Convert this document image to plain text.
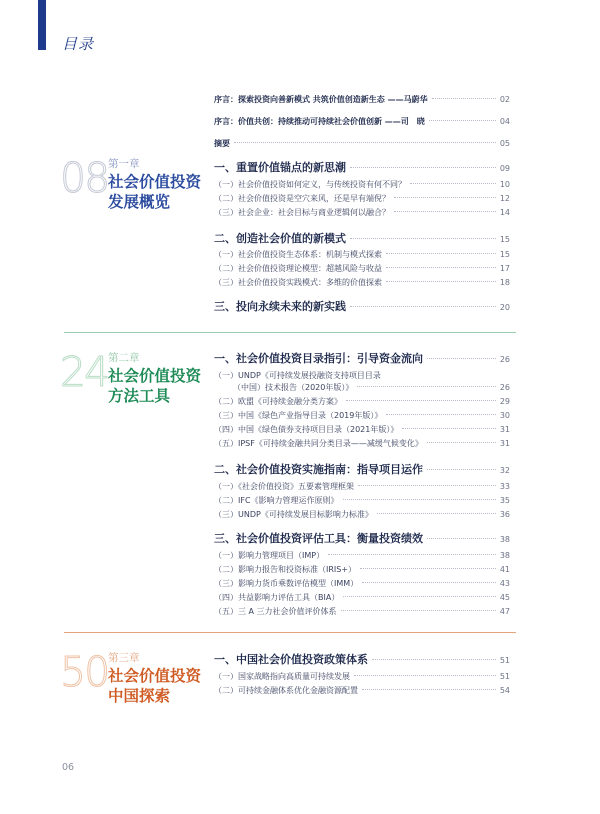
目录
序言：探索投资向善新模式 共筑价值创造新生态 ——马蔚华	02
序言：价值共创：持续推动可持续社会价值创新 ——司　晓	04
摘要	05
08 第一章
社会价值投资发展概览
一、重置价值锚点的新思潮	09
（一）社会价值投资如何定义，与传统投资有何不同？	10
（二）社会价值投资是空穴来风，还是早有端倪？	12
（三）社会企业：社会目标与商业逻辑何以融合？	14
二、创造社会价值的新模式	15
（一）社会价值投资生态体系：机制与模式探索	15
（二）社会价值投资理论模型：超越风险与收益	17
（三）社会价值投资实践模式：多维的价值探索	18
三、投向永续未来的新实践	20
24 第二章
社会价值投资方法工具
一、社会价值投资目录指引：引导资金流向	26
（一）UNDP《可持续发展投融资支持项目目录
（中国）技术报告（2020年版）》	26
（二）欧盟《可持续金融分类方案》	29
（三）中国《绿色产业指导目录（2019年版）》	30
（四）中国《绿色债券支持项目目录（2021年版）》	31
（五）IPSF《可持续金融共同分类目录——减缓气候变化》	31
二、社会价值投资实施指南：指导项目运作	32
（一）《社会价值投资》五要素管理框架	33
（二）IFC《影响力管理运作原则》	35
（三）UNDP《可持续发展目标影响力标准》	36
三、社会价值投资评估工具：衡量投资绩效	38
（一）影响力管理项目（IMP）	38
（二）影响力报告和投资标准（IRIS+）	41
（三）影响力货币乘数评估模型（IMM）	43
（四）共益影响力评估工具（BIA）	45
（五）三 A 三力社会价值评价体系	47
50 第三章
社会价值投资中国探索
一、中国社会价值投资政策体系	51
（一）国家战略指向高质量可持续发展	51
（二）可持续金融体系优化金融资源配置	54
06
